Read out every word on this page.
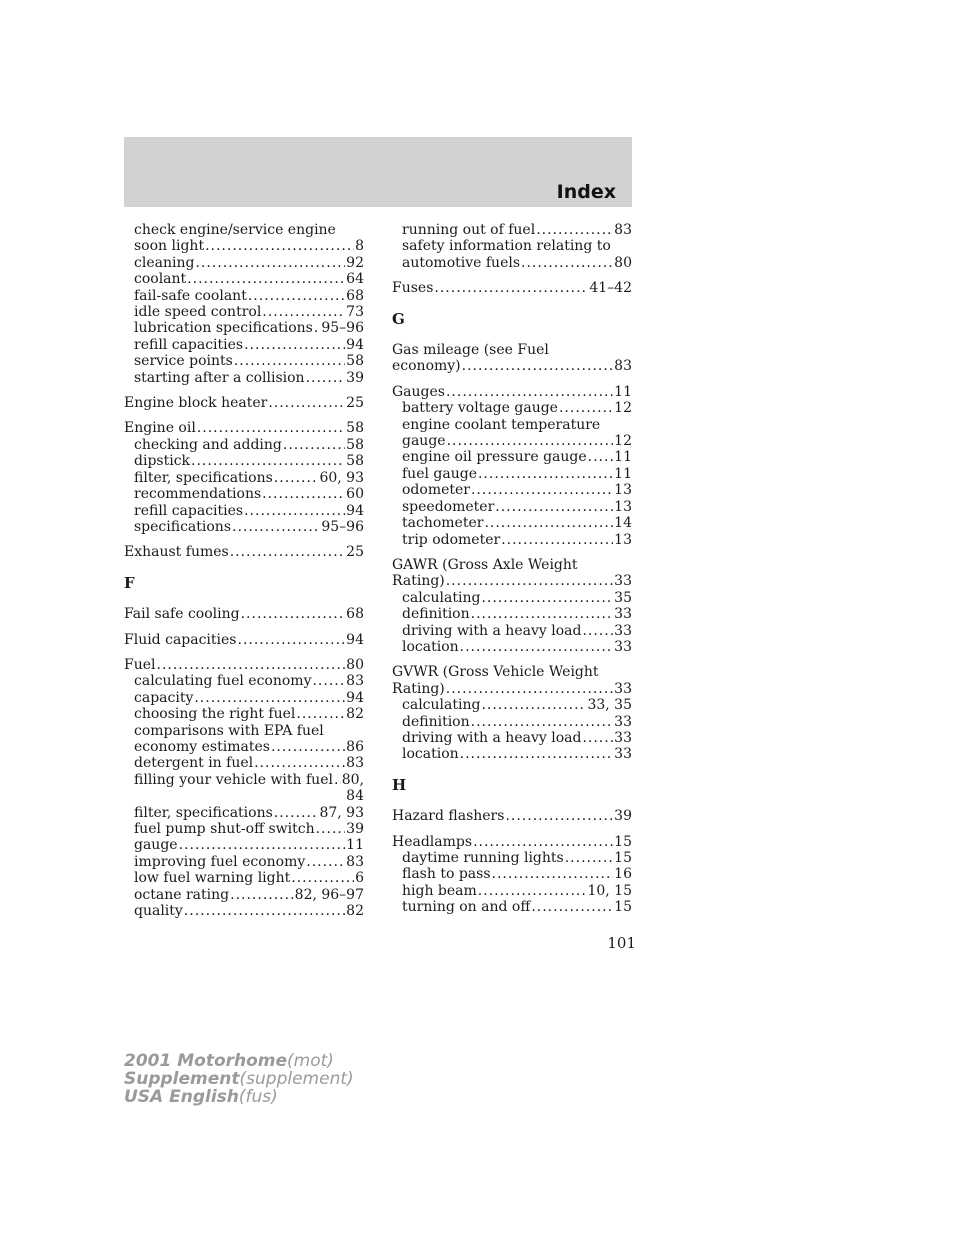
Index
check engine/service engine
soon light .....	8
cleaning .....	92
coolant .....	64
fail-safe coolant .....	68
idle speed control .....	73
lubrication specifications ..... 95–96
refill capacities .....	94
service points .....	58
starting after a collision .....	39
Engine block heater .....	25
Engine oil .....	58
checking and adding .....	58
dipstick .....	58
filter, specifications .....	60, 93
recommendations .....	60
refill capacities .....	94
specifications .....	95–96
Exhaust fumes .....	25
F
Fail safe cooling .....	68
Fluid capacities .....	94
Fuel .....	80
calculating fuel economy ..... 83
capacity .....	94
choosing the right fuel .....	82
comparisons with EPA fuel
economy estimates .....	86
detergent in fuel .....	83
filling your vehicle with fuel ..... 80,
84
filter, specifications .....	87, 93
fuel pump shut-off switch ..... 39
gauge .....	11
improving fuel economy .....	83
low fuel warning light .....	6
octane rating .....	82, 96–97
quality .....	82
running out of fuel .....	83
safety information relating to
automotive fuels .....	80
Fuses .....	41–42
G
Gas mileage (see Fuel
economy) .....	83
Gauges .....	11
battery voltage gauge .....	12
engine coolant temperature
gauge .....	12
engine oil pressure gauge ..... 11
fuel gauge .....	11
odometer .....	13
speedometer .....	13
tachometer .....	14
trip odometer .....	13
GAWR (Gross Axle Weight
Rating) .....	33
calculating .....	35
definition .....	33
driving with a heavy load ..... 33
location .....	33
GVWR (Gross Vehicle Weight
Rating) .....	33
calculating .....	33, 35
definition .....	33
driving with a heavy load ..... 33
location .....	33
H
Hazard flashers .....	39
Headlamps .....	15
daytime running lights .....	15
flash to pass .....	16
high beam .....	10, 15
turning on and off .....	15
101
2001 Motorhome(mot)
Supplement(supplement)
USA English(fus)
